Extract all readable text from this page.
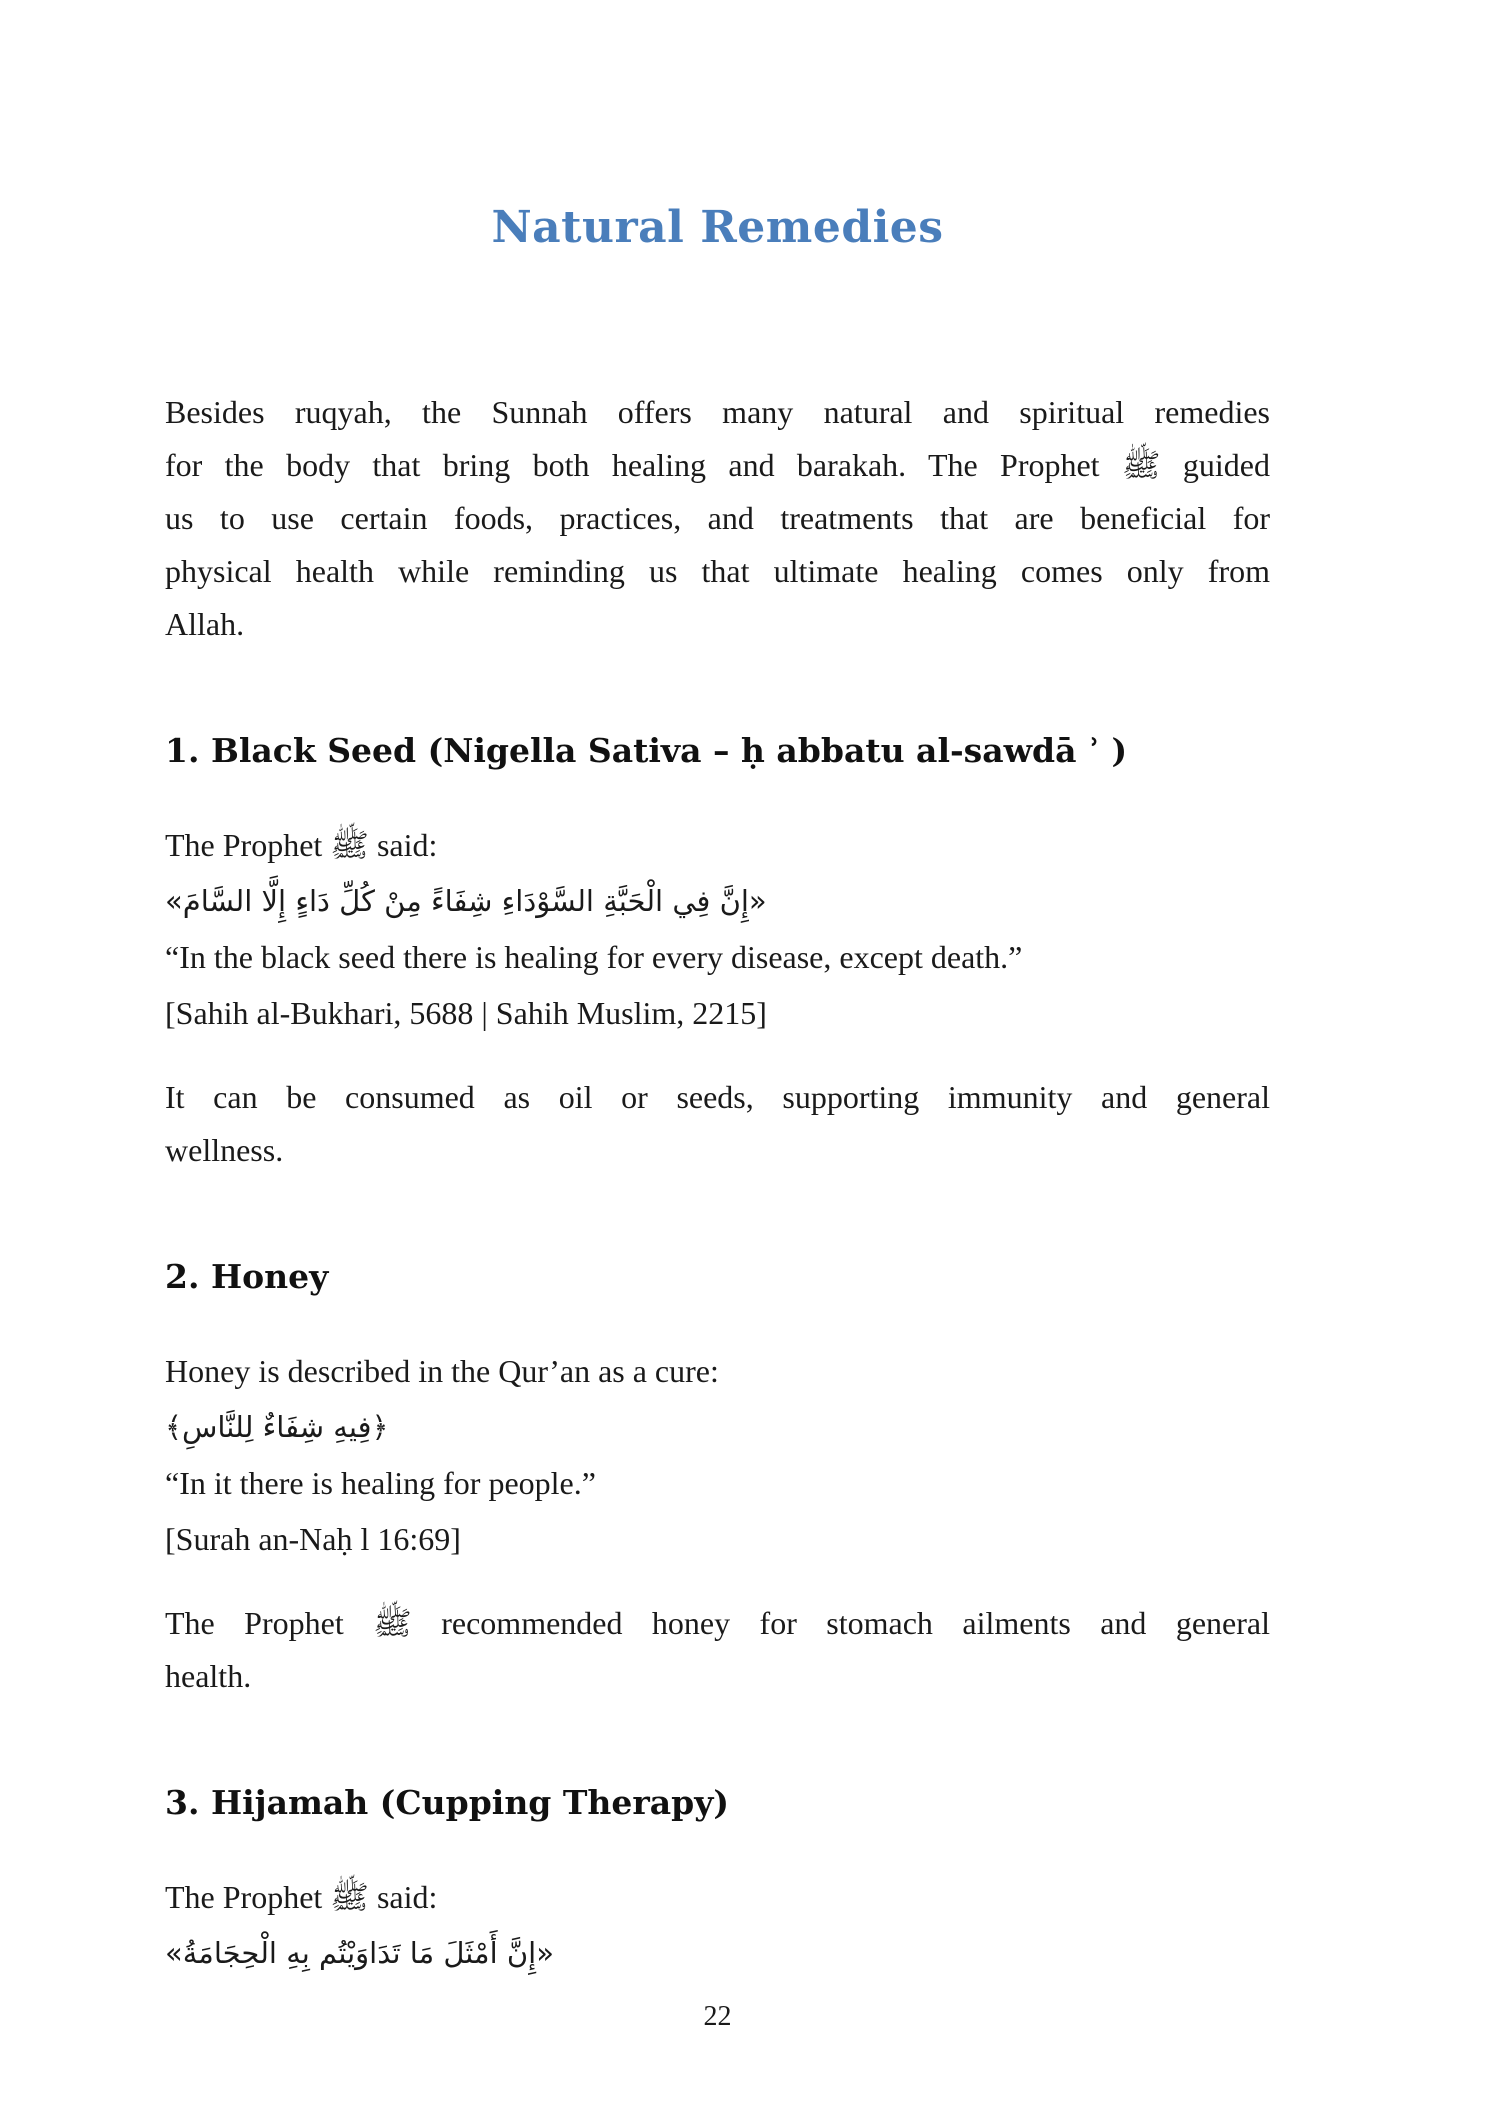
Natural Remedies
Besides ruqyah, the Sunnah offers many natural and spiritual remedies
for the body that bring both healing and barakah. The Prophet ﷺ guided
us to use certain foods, practices, and treatments that are beneficial for
physical health while reminding us that ultimate healing comes only from
Allah.
1. Black Seed (Nigella Sativa – ḥ abbatu al-sawdā ʾ )
The Prophet ﷺ said:
«إِنَّ فِي الْحَبَّةِ السَّوْدَاءِ شِفَاءً مِنْ كُلِّ دَاءٍ إِلَّا السَّامَ»
“In the black seed there is healing for every disease, except death.”
[Sahih al-Bukhari, 5688 | Sahih Muslim, 2215]
It can be consumed as oil or seeds, supporting immunity and general
wellness.
2. Honey
Honey is described in the Qur’an as a cure:
﴿فِيهِ شِفَاءٌ لِلنَّاسِ﴾
“In it there is healing for people.”
[Surah an-Naḥ l 16:69]
The Prophet ﷺ recommended honey for stomach ailments and general
health.
3. Hijamah (Cupping Therapy)
The Prophet ﷺ said:
«إِنَّ أَمْثَلَ مَا تَدَاوَيْتُم بِهِ الْحِجَامَةُ»
22
